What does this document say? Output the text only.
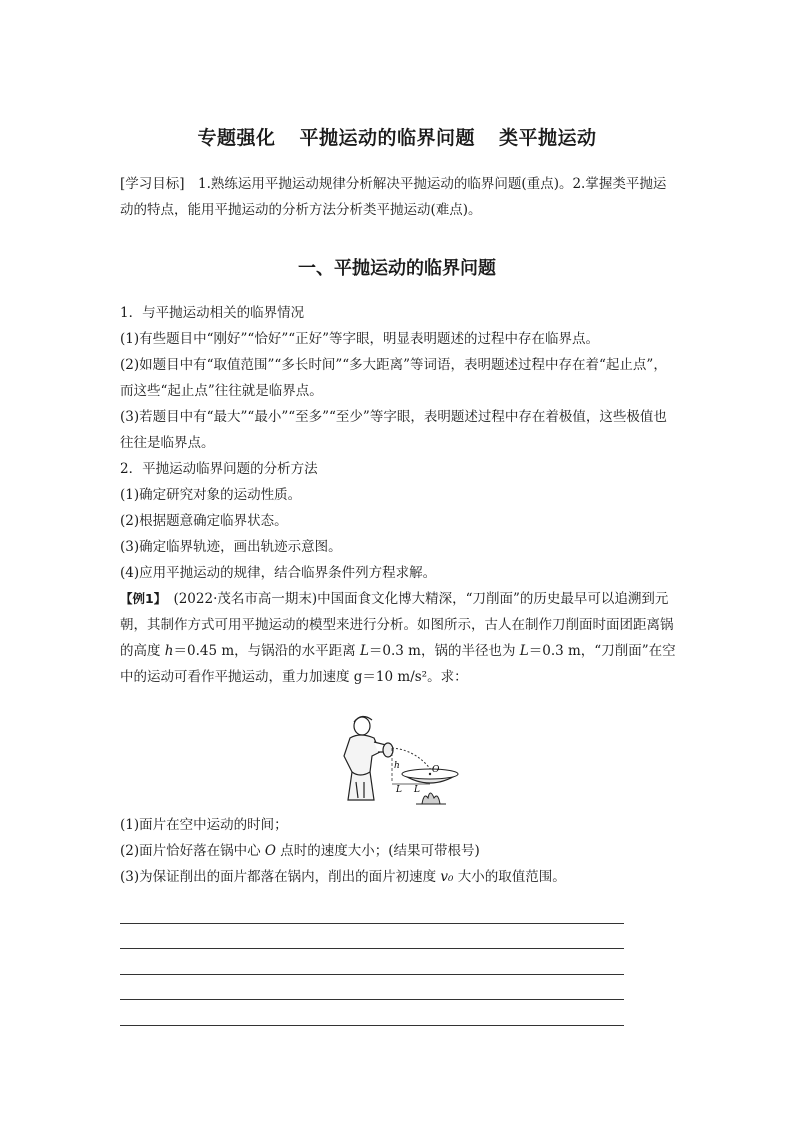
专题强化 平抛运动的临界问题 类平抛运动
[学习目标]　1.熟练运用平抛运动规律分析解决平抛运动的临界问题(重点)。2.掌握类平抛运动的特点，能用平抛运动的分析方法分析类平抛运动(难点)。
一、平抛运动的临界问题

1．与平抛运动相关的临界情况

(1)有些题目中“刚好”“恰好”“正好”等字眼，明显表明题述的过程中存在临界点。

(2)如题目中有“取值范围”“多长时间”“多大距离”等词语，表明题述过程中存在着“起止点”，而这些“起止点”往往就是临界点。

(3)若题目中有“最大”“最小”“至多”“至少”等字眼，表明题述过程中存在着极值，这些极值也往往是临界点。

2．平抛运动临界问题的分析方法

(1)确定研究对象的运动性质。

(2)根据题意确定临界状态。

(3)确定临界轨迹，画出轨迹示意图。

(4)应用平抛运动的规律，结合临界条件列方程求解。

【例1】　(2022·茂名市高一期末)中国面食文化博大精深，“刀削面”的历史最早可以追溯到元朝，其制作方式可用平抛运动的模型来进行分析。如图所示，古人在制作刀削面时面团距离锅的高度 h＝0.45 m，与锅沿的水平距离 L＝0.3 m，锅的半径也为 L＝0.3 m，“刀削面”在空中的运动可看作平抛运动，重力加速度 g＝10 m/s²。求：

h	O
L L

(1)面片在空中运动的时间；

(2)面片恰好落在锅中心 O 点时的速度大小；(结果可带根号)

(3)为保证削出的面片都落在锅内，削出的面片初速度 v₀ 大小的取值范围。
